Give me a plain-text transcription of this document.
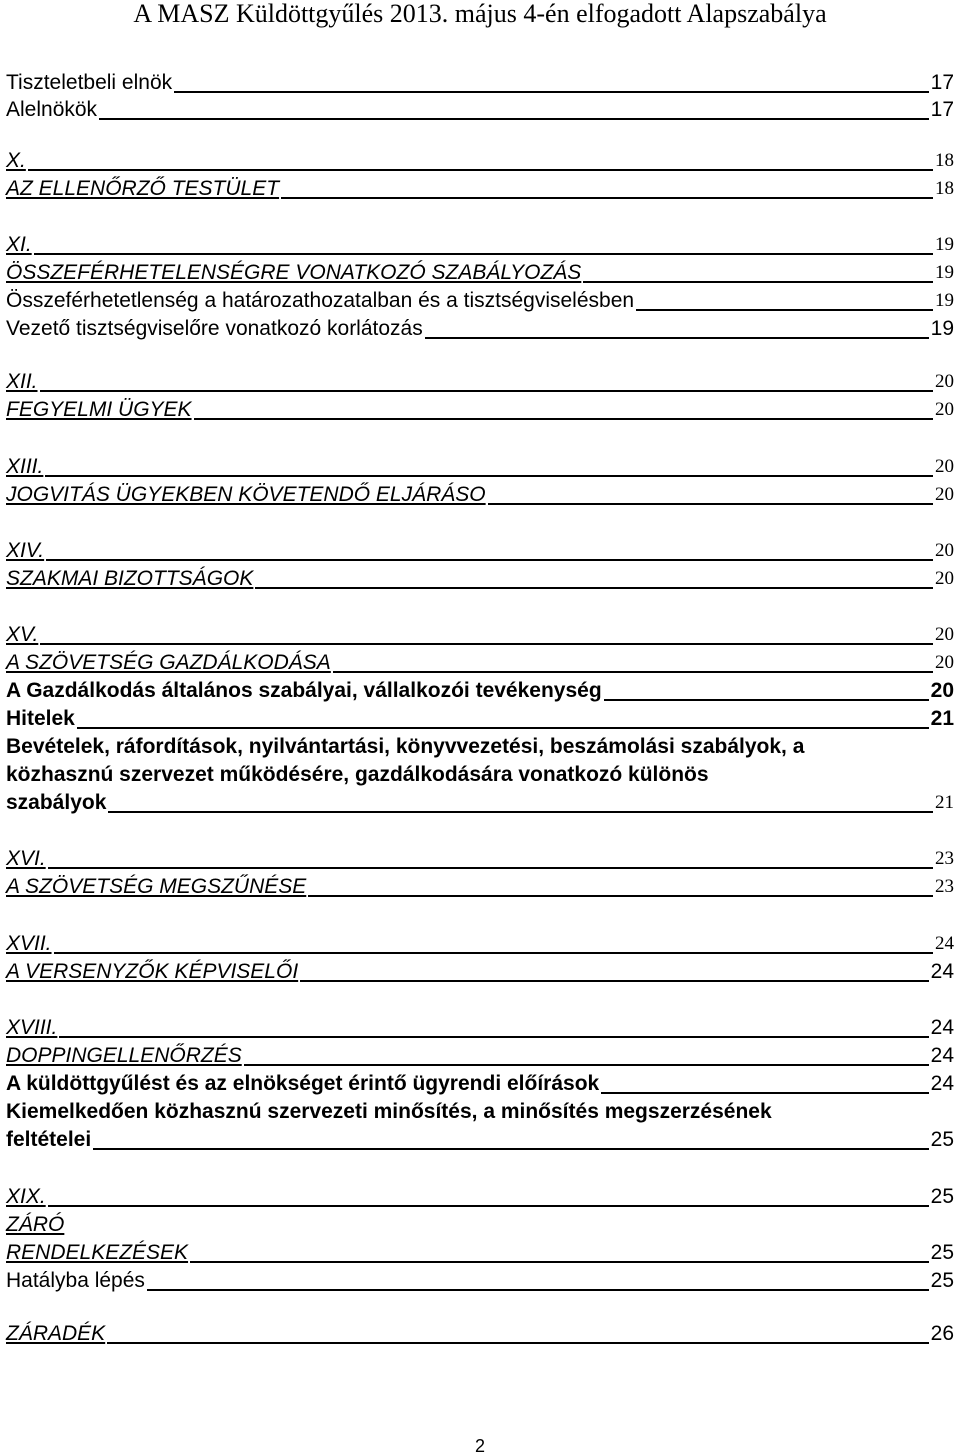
A MASZ Küldöttgyűlés 2013. május 4-én elfogadott Alapszabálya
Tiszteletbeli elnök	17
Alelnökök	17
X.	18
AZ ELLENŐRZŐ TESTÜLET	18
XI.	19
ÖSSZEFÉRHETELENSÉGRE VONATKOZÓ SZABÁLYOZÁS	19
Összeférhetetlenség a határozathozatalban és a tisztségviselésben	19
Vezető tisztségviselőre vonatkozó korlátozás	19
XII.	20
FEGYELMI ÜGYEK	20
XIII.	20
JOGVITÁS ÜGYEKBEN KÖVETENDŐ ELJÁRÁSO	20
XIV.	20
SZAKMAI BIZOTTSÁGOK	20
XV.	20
A SZÖVETSÉG GAZDÁLKODÁSA	20
A Gazdálkodás általános szabályai, vállalkozói tevékenység	20
Hitelek	21
Bevételek, ráfordítások, nyilvántartási, könyvvezetési, beszámolási szabályok, a
közhasznú szervezet működésére, gazdálkodására vonatkozó különös
szabályok	21
XVI.	23
A SZÖVETSÉG MEGSZŰNÉSE	23
XVII.	24
A VERSENYZŐK KÉPVISELŐI	24
XVIII.	24
DOPPINGELLENŐRZÉS	24
A küldöttgyűlést és az elnökséget érintő ügyrendi előírások	24
Kiemelkedően közhasznú szervezeti minősítés, a minősítés megszerzésének
feltételei	25
XIX.	25
ZÁRÓ
RENDELKEZÉSEK	25
Hatályba lépés	25
ZÁRADÉK	26
2
